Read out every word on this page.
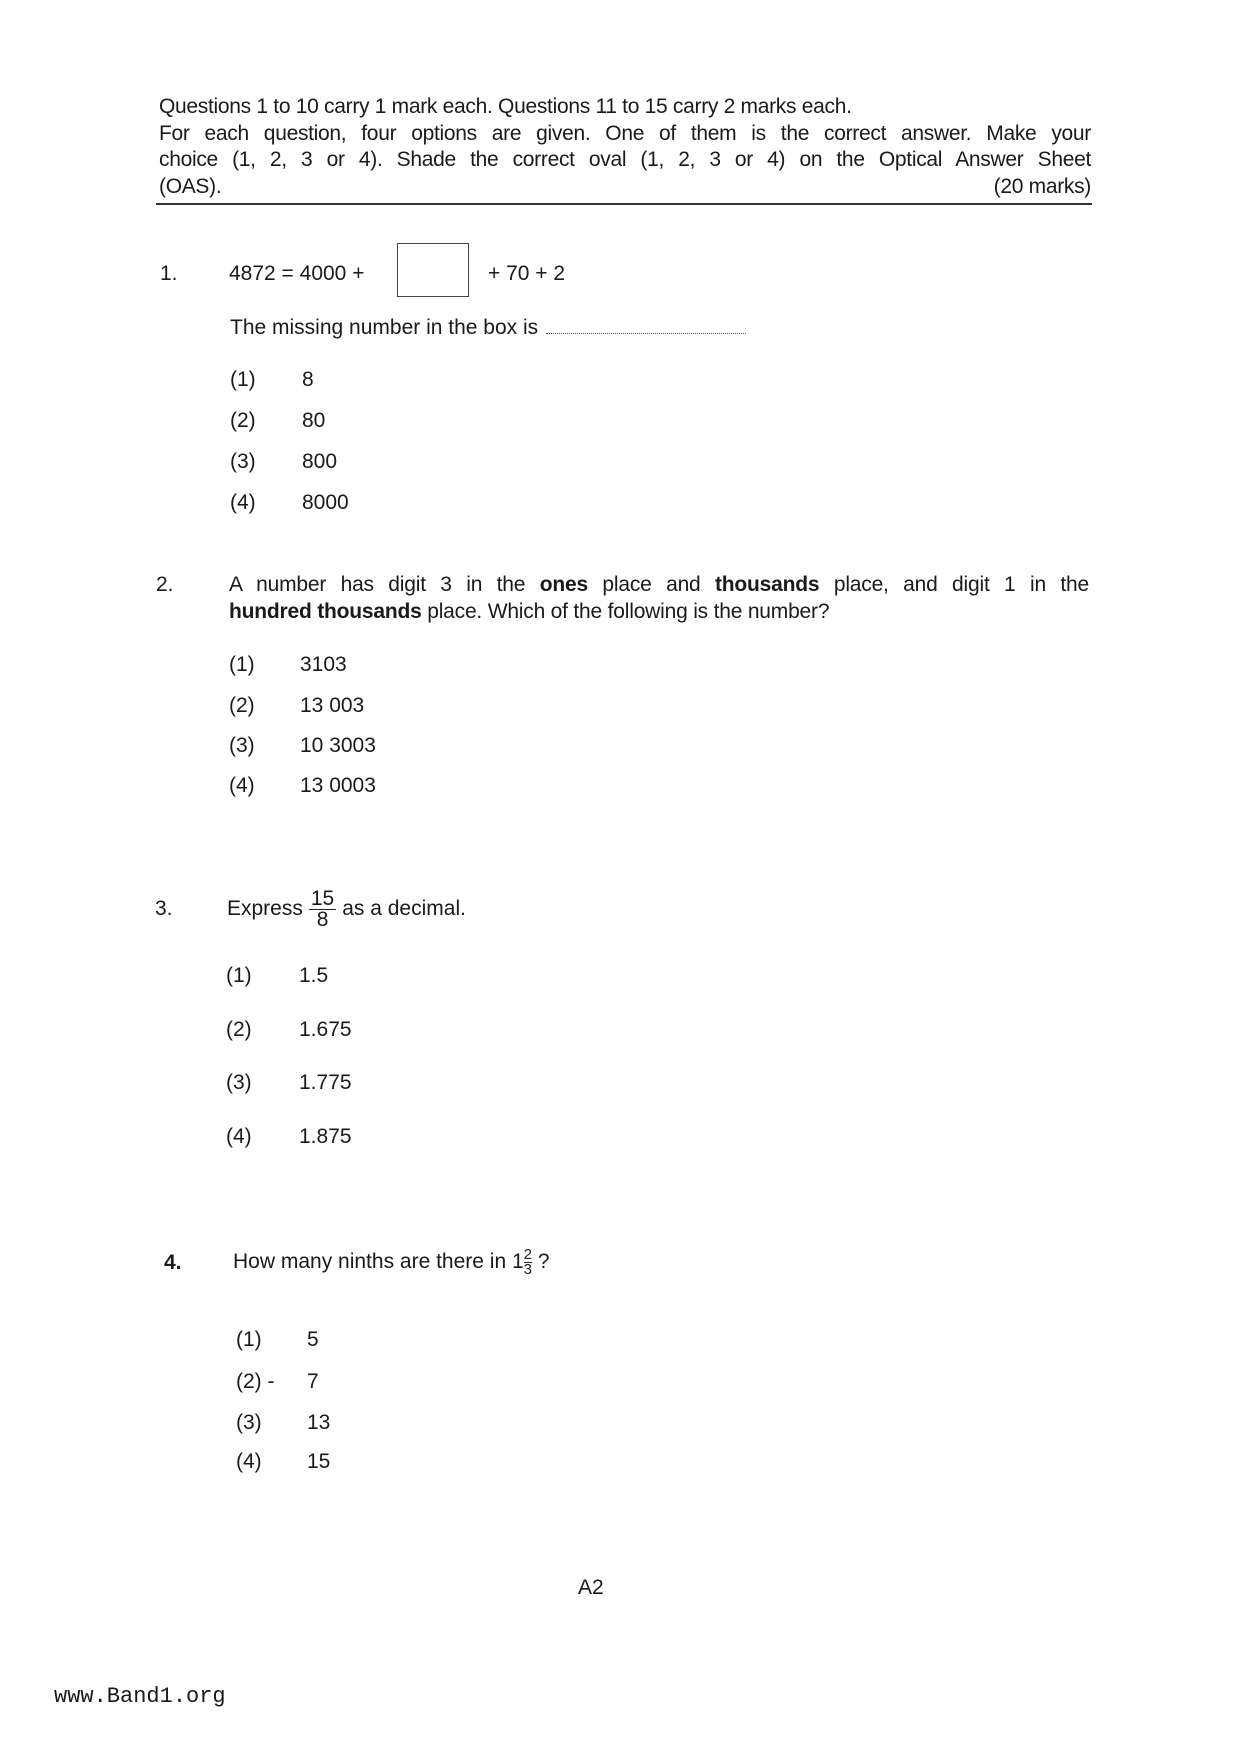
Questions 1 to 10 carry 1 mark each. Questions 11 to 15 carry 2 marks each.
For each question, four options are given. One of them is the correct answer. Make your
choice (1, 2, 3 or 4). Shade the correct oval (1, 2, 3 or 4) on the Optical Answer Sheet
(OAS).	(20 marks)
1. 4872 = 4000 +	+ 70 + 2
The missing number in the box is
(1) 8
(2) 80
(3) 800
(4) 8000
2.	A number has digit 3 in the ones place and thousands place, and digit 1 in the
hundred thousands place. Which of the following is the number?
(1) 3103
(2) 13 003
(3) 10 3003
(4) 13 0003
3.	Express $\frac{15}{8}$ as a decimal.
(1) 1.5
(2) 1.675
(3) 1.775
(4) 1.875
4. How many ninths are there in $1 \frac{2}{3}$ ?
(1) 5
(2) - 7
(3) 13
(4) 15
A2
www.Band1.org
